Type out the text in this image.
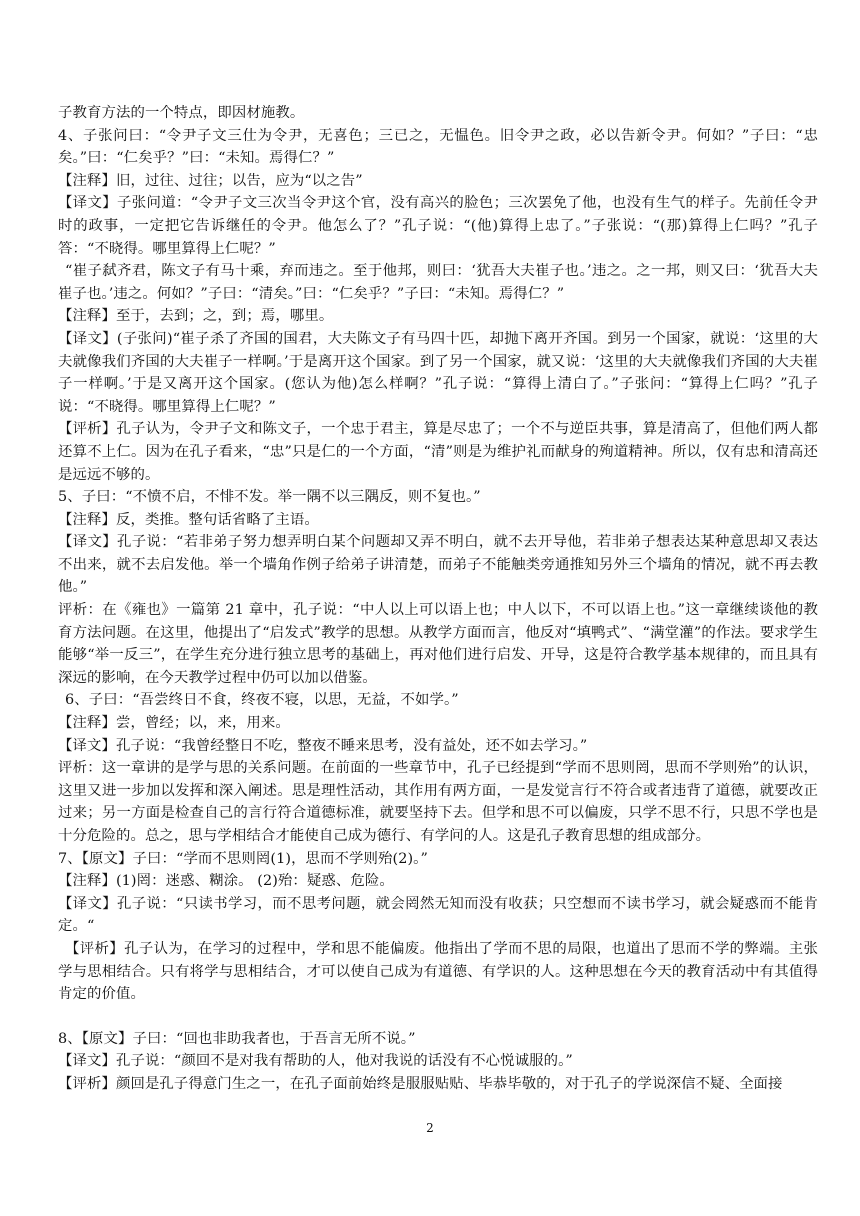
子教育方法的一个特点，即因材施教。

4、子张问曰：“令尹子文三仕为令尹，无喜色；三已之，无愠色。旧令尹之政，必以告新令尹。何如？”子曰：“忠矣。”曰：“仁矣乎？”曰：“未知。焉得仁？”

【注释】旧，过往、过往；以告，应为“以之告”

【译文】子张问道：“令尹子文三次当令尹这个官，没有高兴的脸色；三次罢免了他，也没有生气的样子。先前任令尹时的政事，一定把它告诉继任的令尹。他怎么了？”孔子说：“(他)算得上忠了。”子张说：“(那)算得上仁吗？”孔子答：“不晓得。哪里算得上仁呢？”

“崔子弑齐君，陈文子有马十乘，弃而违之。至于他邦，则曰：‘犹吾大夫崔子也。’违之。之一邦，则又曰：‘犹吾大夫崔子也。’违之。何如？”子曰：“清矣。”曰：“仁矣乎？”子曰：“未知。焉得仁？”

【注释】至于，去到；之，到；焉，哪里。

【译文】(子张问)“崔子杀了齐国的国君，大夫陈文子有马四十匹，却抛下离开齐国。到另一个国家，就说：‘这里的大夫就像我们齐国的大夫崔子一样啊。’于是离开这个国家。到了另一个国家，就又说：‘这里的大夫就像我们齐国的大夫崔子一样啊。’于是又离开这个国家。(您认为他)怎么样啊？”孔子说：“算得上清白了。”子张问：“算得上仁吗？”孔子说：“不晓得。哪里算得上仁呢？”

【评析】孔子认为，令尹子文和陈文子，一个忠于君主，算是尽忠了；一个不与逆臣共事，算是清高了，但他们两人都还算不上仁。因为在孔子看来，“忠”只是仁的一个方面，“清”则是为维护礼而献身的殉道精神。所以，仅有忠和清高还是远远不够的。

5、子曰：“不愤不启，不悱不发。举一隅不以三隅反，则不复也。”

【注释】反，类推。整句话省略了主语。

【译文】孔子说：“若非弟子努力想弄明白某个问题却又弄不明白，就不去开导他，若非弟子想表达某种意思却又表达不出来，就不去启发他。举一个墙角作例子给弟子讲清楚，而弟子不能触类旁通推知另外三个墙角的情况，就不再去教他。”

评析：在《雍也》一篇第 21 章中，孔子说：“中人以上可以语上也；中人以下，不可以语上也。”这一章继续谈他的教育方法问题。在这里，他提出了“启发式”教学的思想。从教学方面而言，他反对“填鸭式”、“满堂灌”的作法。要求学生能够“举一反三”，在学生充分进行独立思考的基础上，再对他们进行启发、开导，这是符合教学基本规律的，而且具有深远的影响，在今天教学过程中仍可以加以借鉴。

6、子曰：“吾尝终日不食，终夜不寝，以思，无益，不如学。”

【注释】尝，曾经；以，来，用来。

【译文】孔子说：“我曾经整日不吃，整夜不睡来思考，没有益处，还不如去学习。”

评析：这一章讲的是学与思的关系问题。在前面的一些章节中，孔子已经提到“学而不思则罔，思而不学则殆”的认识，这里又进一步加以发挥和深入阐述。思是理性活动，其作用有两方面，一是发觉言行不符合或者违背了道德，就要改正过来；另一方面是检查自己的言行符合道德标准，就要坚持下去。但学和思不可以偏废，只学不思不行，只思不学也是十分危险的。总之，思与学相结合才能使自己成为德行、有学问的人。这是孔子教育思想的组成部分。

7、【原文】子曰：“学而不思则罔(1)，思而不学则殆(2)。”

【注释】(1)罔：迷惑、糊涂。 (2)殆：疑惑、危险。

【译文】孔子说：“只读书学习，而不思考问题，就会罔然无知而没有收获；只空想而不读书学习，就会疑惑而不能肯定。“

【评析】孔子认为，在学习的过程中，学和思不能偏废。他指出了学而不思的局限，也道出了思而不学的弊端。主张学与思相结合。只有将学与思相结合，才可以使自己成为有道德、有学识的人。这种思想在今天的教育活动中有其值得肯定的价值。

8、【原文】子曰：“回也非助我者也，于吾言无所不说。”

【译文】孔子说：“颜回不是对我有帮助的人，他对我说的话没有不心悦诚服的。”

【评析】颜回是孔子得意门生之一，在孔子面前始终是服服贴贴、毕恭毕敬的，对于孔子的学说深信不疑、全面接

2
